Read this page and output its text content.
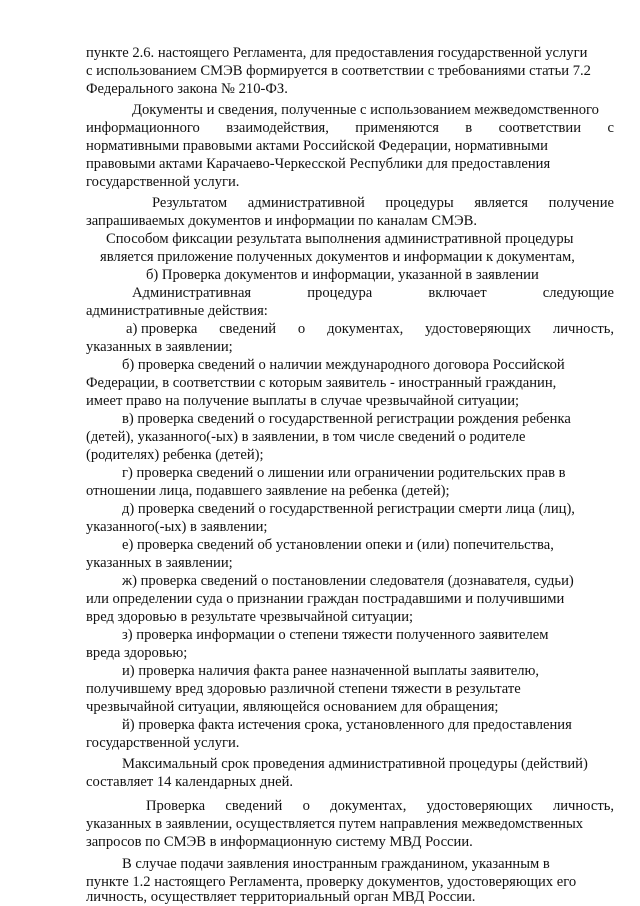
пункте 2.6. настоящего Регламента, для предоставления государственной услуги
с использованием СМЭВ формируется в соответствии с требованиями статьи 7.2
Федерального закона № 210-ФЗ.
Документы и сведения, полученные с использованием межведомственного
информационного взаимодействия, применяются в соответствии с
нормативными правовыми актами Российской Федерации, нормативными
правовыми актами Карачаево-Черкесской Республики для предоставления
государственной услуги.
Результатом административной процедуры является получение
запрашиваемых документов и информации по каналам СМЭВ.
Способом фиксации результата выполнения административной процедуры
является приложение полученных документов и информации к документам,
б) Проверка документов и информации, указанной в заявлении
Административная	процедура	включает	следующие
административные действия:
а) проверка сведений о документах, удостоверяющих личность,
указанных в заявлении;
б) проверка сведений о наличии международного договора Российской
Федерации, в соответствии с которым заявитель - иностранный гражданин,
имеет право на получение выплаты в случае чрезвычайной ситуации;
в) проверка сведений о государственной регистрации рождения ребенка
(детей), указанного(-ых) в заявлении, в том числе сведений о родителе
(родителях) ребенка (детей);
г) проверка сведений о лишении или ограничении родительских прав в
отношении лица, подавшего заявление на ребенка (детей);
д) проверка сведений о государственной регистрации смерти лица (лиц),
указанного(-ых) в заявлении;
е) проверка сведений об установлении опеки и (или) попечительства,
указанных в заявлении;
ж) проверка сведений о постановлении следователя (дознавателя, судьи)
или определении суда о признании граждан пострадавшими и получившими
вред здоровью в результате чрезвычайной ситуации;
з) проверка информации о степени тяжести полученного заявителем
вреда здоровью;
и) проверка наличия факта ранее назначенной выплаты заявителю,
получившему вред здоровью различной степени тяжести в результате
чрезвычайной ситуации, являющейся основанием для обращения;
й) проверка факта истечения срока, установленного для предоставления
государственной услуги.
Максимальный срок проведения административной процедуры (действий)
составляет 14 календарных дней.
Проверка сведений о документах, удостоверяющих личность,
указанных в заявлении, осуществляется путем направления межведомственных
запросов по СМЭВ в информационную систему МВД России.
В случае подачи заявления иностранным гражданином, указанным в
пункте 1.2 настоящего Регламента, проверку документов, удостоверяющих его
личность, осуществляет территориальный орган МВД России.
